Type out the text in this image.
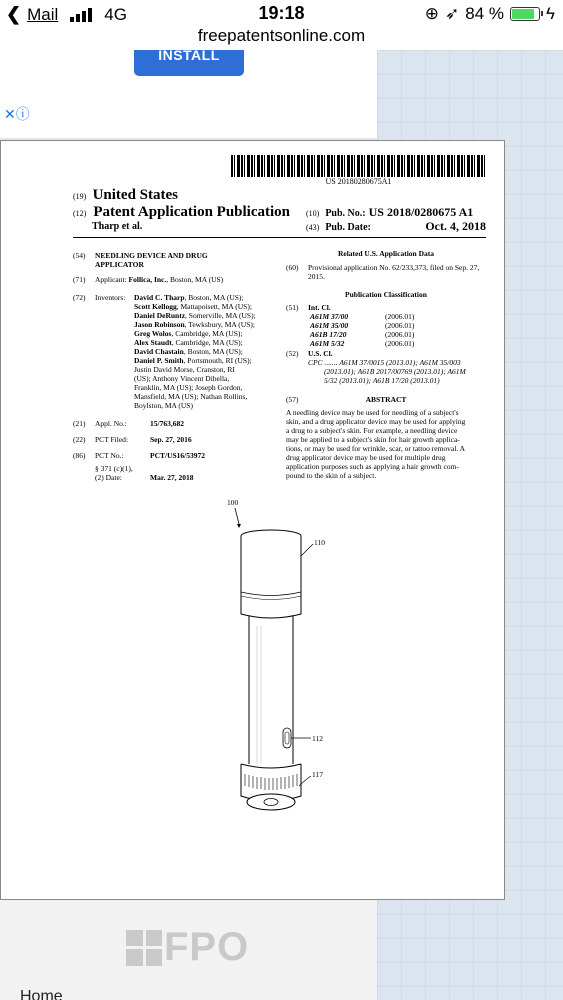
❮ Mail	4G	19:18	⊕ ➶ 84 % ϟ
freepatentsonline.com
INSTALL
✕ⓘ
US 20180280675A1
(19) United States
(12) Patent Application Publication
Tharp et al.
(10) Pub. No.: US 2018/0280675 A1
(43) Pub. Date:	Oct. 4, 2018
(54) NEEDLING DEVICE AND DRUG APPLICATOR
(71) Applicant: Follica, Inc., Boston, MA (US)
(72) Inventors: David C. Tharp, Boston, MA (US);
Scott Kellogg, Mattapoisett, MA (US);
Daniel DeRuntz, Somerville, MA (US);
Jason Robinson, Tewksbury, MA (US);
Greg Wolos, Cambridge, MA (US);
Alex Staudt, Cambridge, MA (US);
David Chastain, Boston, MA (US);
Daniel P. Smith, Portsmouth, RI (US);
Justin David Morse, Cranston, RI
(US); Anthony Vincent Dibella,
Franklin, MA (US); Joseph Gordon,
Mansfield, MA (US); Nathan Rollins,
Boylston, MA (US)
(21) Appl. No.:	15/763,682
(22) PCT Filed:	Sep. 27, 2016
(86) PCT No.:	PCT/US16/53972
§ 371 (c)(1),
(2) Date:	Mar. 27, 2018
Related U.S. Application Data
(60) Provisional application No. 62/233,373, filed on Sep. 27, 2015.
Publication Classification
(51) Int. Cl.
A61M 37/00	(2006.01)
A61M 35/00	(2006.01)
A61B 17/20	(2006.01)
A61M 5/32	(2006.01)
(52) U.S. Cl.
CPC ....... A61M 37/0015 (2013.01); A61M 35/003
(2013.01); A61B 2017/00769 (2013.01); A61M
5/32 (2013.01); A61B 17/20 (2013.01)
(57)	ABSTRACT
A needling device may be used for needling of a subject's
skin, and a drug applicator device may be used for applying
a drug to a subject's skin. For example, a needling device
may be applied to a subject's skin for hair growth applica-
tions, or may be used for wrinkle, scar, or tattoo removal. A
drug applicator device may be used for multiple drug
application purposes such as applying a hair growth com-
pound to the skin of a subject.
100
110
112
117
FPO
Home
